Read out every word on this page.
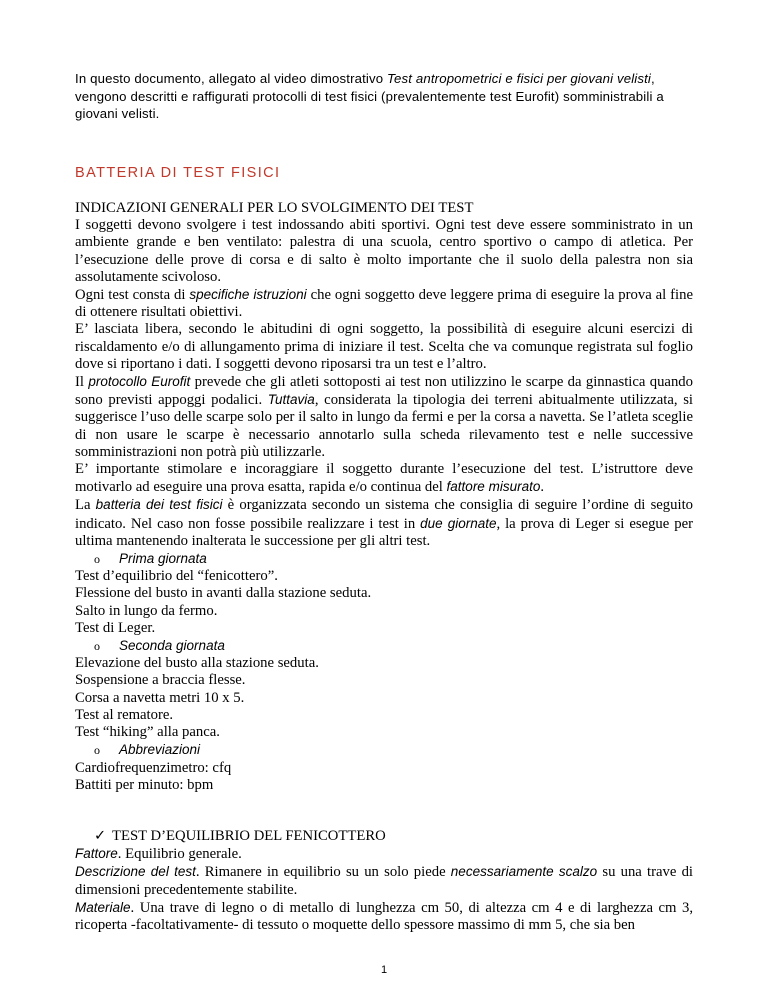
In questo documento, allegato al video dimostrativo Test antropometrici e fisici per giovani velisti, vengono descritti e raffigurati protocolli di test fisici (prevalentemente test Eurofit) somministrabili a giovani velisti.
BATTERIA DI TEST FISICI

INDICAZIONI GENERALI PER LO SVOLGIMENTO DEI TEST

I soggetti devono svolgere i test indossando abiti sportivi. Ogni test deve essere somministrato in un ambiente grande e ben ventilato: palestra di una scuola, centro sportivo o campo di atletica. Per l’esecuzione delle prove di corsa e di salto è molto importante che il suolo della palestra non sia assolutamente scivoloso.

Ogni test consta di specifiche istruzioni che ogni soggetto deve leggere prima di eseguire la prova al fine di ottenere risultati obiettivi.

E’ lasciata libera, secondo le abitudini di ogni soggetto, la possibilità di eseguire alcuni esercizi di riscaldamento e/o di allungamento prima di iniziare il test. Scelta che va comunque registrata sul foglio dove si riportano i dati. I soggetti devono riposarsi tra un test e l’altro.

Il protocollo Eurofit prevede che gli atleti sottoposti ai test non utilizzino le scarpe da ginnastica quando sono previsti appoggi podalici. Tuttavia, considerata la tipologia dei terreni abitualmente utilizzata, si suggerisce l’uso delle scarpe solo per il salto in lungo da fermi e per la corsa a navetta. Se l’atleta sceglie di non usare le scarpe è necessario annotarlo sulla scheda rilevamento test e nelle successive somministrazioni non potrà più utilizzarle.

E’ importante stimolare e incoraggiare il soggetto durante l’esecuzione del test. L’istruttore deve motivarlo ad eseguire una prova esatta, rapida e/o continua del fattore misurato.

La batteria dei test fisici è organizzata secondo un sistema che consiglia di seguire l’ordine di seguito indicato. Nel caso non fosse possibile realizzare i test in due giornate, la prova di Leger si esegue per ultima mantenendo inalterata le successione per gli altri test.

o Prima giornata

Test d’equilibrio del “fenicottero”.

Flessione del busto in avanti dalla stazione seduta.

Salto in lungo da fermo.

Test di Leger.

o Seconda giornata

Elevazione del busto alla stazione seduta.

Sospensione a braccia flesse.

Corsa a navetta metri 10 x 5.

Test al rematore.

Test “hiking” alla panca.

o Abbreviazioni

Cardiofrequenzimetro: cfq

Battiti per minuto: bpm

✓ TEST D’EQUILIBRIO DEL FENICOTTERO

Fattore. Equilibrio generale.

Descrizione del test. Rimanere in equilibrio su un solo piede necessariamente scalzo su una trave di dimensioni precedentemente stabilite.

Materiale. Una trave di legno o di metallo di lunghezza cm 50, di altezza cm 4 e di larghezza cm 3, ricoperta -facoltativamente- di tessuto o moquette dello spessore massimo di mm 5, che sia ben

1
